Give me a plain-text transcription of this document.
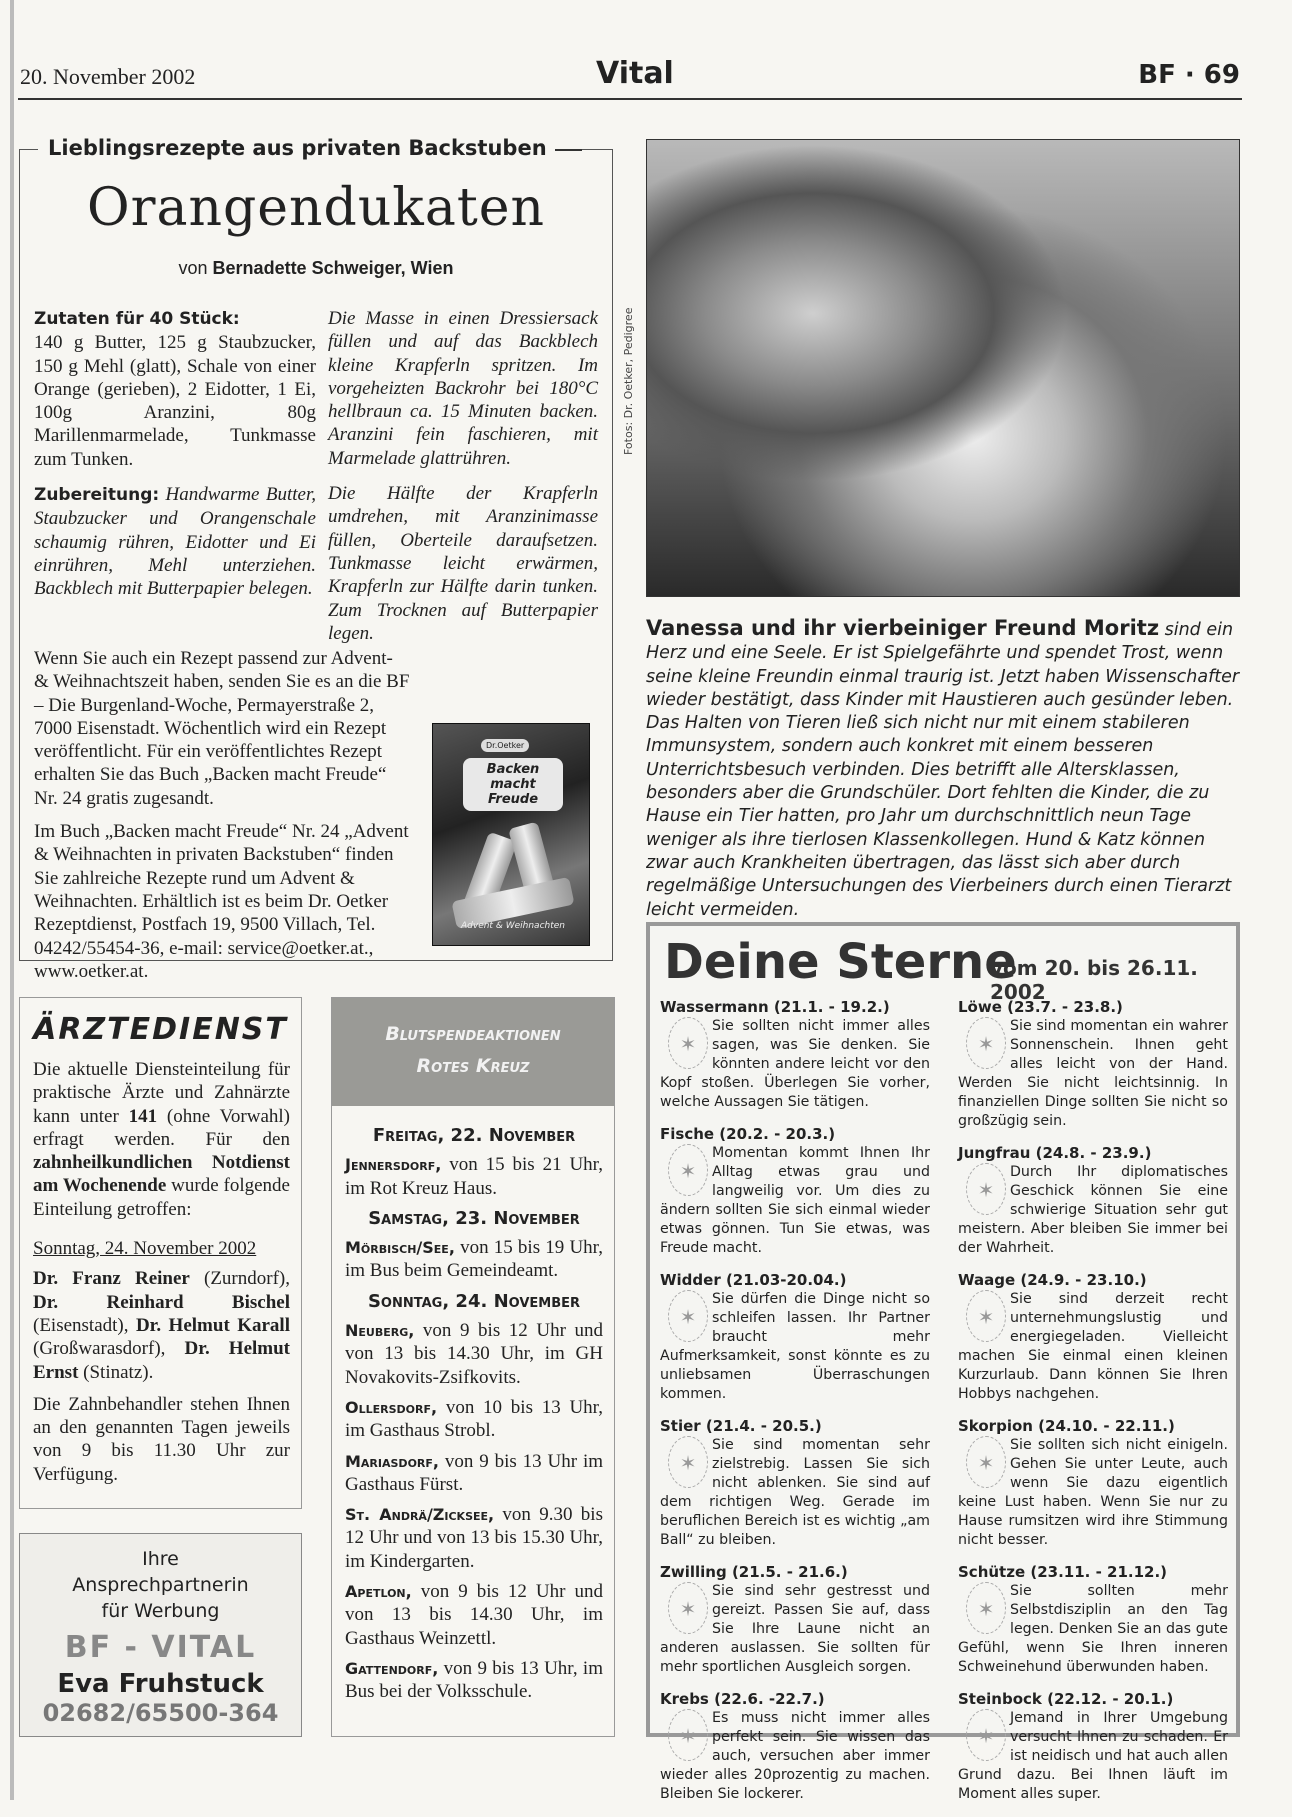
20. November 2002	Vital	BF · 69
Lieblingsrezepte aus privaten Backstuben
Orangendukaten
von Bernadette Schweiger, Wien

Zutaten für 40 Stück:
140 g Butter, 125 g Staubzucker, 150 g Mehl (glatt), Schale von einer Orange (gerieben), 2 Eidotter, 1 Ei, 100g Aranzini, 80g Marillenmarmelade, Tunkmasse zum Tunken.

Zubereitung: Handwarme Butter, Staubzucker und Orangenschale schaumig rühren, Eidotter und Ei einrühren, Mehl unterziehen. Backblech mit Butterpapier belegen.

Die Masse in einen Dressiersack füllen und auf das Backblech kleine Krapferln spritzen. Im vorgeheizten Backrohr bei 180°C hellbraun ca. 15 Minuten backen. Aranzini fein faschieren, mit Marmelade glattrühren.

Die Hälfte der Krapferln umdrehen, mit Aranzinimasse füllen, Oberteile daraufsetzen. Tunkmasse leicht erwärmen, Krapferln zur Hälfte darin tunken. Zum Trocknen auf Butterpapier legen.

Wenn Sie auch ein Rezept passend zur Advent- & Weihnachtszeit haben, senden Sie es an die BF – Die Burgenland-Woche, Permayerstraße 2, 7000 Eisenstadt. Wöchentlich wird ein Rezept veröffentlicht. Für ein veröffentlichtes Rezept erhalten Sie das Buch „Backen macht Freude“ Nr. 24 gratis zugesandt.

Im Buch „Backen macht Freude“ Nr. 24 „Advent & Weihnachten in privaten Backstuben“ finden Sie zahlreiche Rezepte rund um Advent & Weihnachten. Erhältlich ist es beim Dr. Oetker Rezeptdienst, Postfach 19, 9500 Villach, Tel. 04242/55454-36, e-mail: service@oetker.at., www.oetker.at.

Dr.Oetker
Backen macht Freude
Advent & Weihnachten
Fotos: Dr. Oetker, Pedigree
Vanessa und ihr vierbeiniger Freund Moritz sind ein Herz und eine Seele. Er ist Spielgefährte und spendet Trost, wenn seine kleine Freundin einmal traurig ist. Jetzt haben Wissenschafter wieder bestätigt, dass Kinder mit Haustieren auch gesünder leben. Das Halten von Tieren ließ sich nicht nur mit einem stabileren Immunsystem, sondern auch konkret mit einem besseren Unterrichtsbesuch verbinden. Dies betrifft alle Altersklassen, besonders aber die Grundschüler. Dort fehlten die Kinder, die zu Hause ein Tier hatten, pro Jahr um durchschnittlich neun Tage weniger als ihre tierlosen Klassenkollegen. Hund & Katz können zwar auch Krankheiten übertragen, das lässt sich aber durch regelmäßige Untersuchungen des Vierbeiners durch einen Tierarzt leicht vermeiden.
Deine Sterne
vom 20. bis 26.11. 2002
Wassermann (21.1. - 19.2.)
✶
Sie sollten nicht immer alles sagen, was Sie denken. Sie könnten andere leicht vor den Kopf stoßen. Überlegen Sie vorher, welche Aussagen Sie tätigen.
Fische (20.2. - 20.3.)
✶
Momentan kommt Ihnen Ihr Alltag etwas grau und langweilig vor. Um dies zu ändern sollten Sie sich einmal wieder etwas gönnen. Tun Sie etwas, was Freude macht.
Widder (21.03-20.04.)
✶
Sie dürfen die Dinge nicht so schleifen lassen. Ihr Partner braucht mehr Aufmerksamkeit, sonst könnte es zu unliebsamen Überraschungen kommen.
Stier (21.4. - 20.5.)
✶
Sie sind momentan sehr zielstrebig. Lassen Sie sich nicht ablenken. Sie sind auf dem richtigen Weg. Gerade im beruflichen Bereich ist es wichtig „am Ball“ zu bleiben.
Zwilling (21.5. - 21.6.)
✶
Sie sind sehr gestresst und gereizt. Passen Sie auf, dass Sie Ihre Laune nicht an anderen auslassen. Sie sollten für mehr sportlichen Ausgleich sorgen.
Krebs (22.6. -22.7.)
✶
Es muss nicht immer alles perfekt sein. Sie wissen das auch, versuchen aber immer wieder alles 20prozentig zu machen. Bleiben Sie lockerer.
Löwe (23.7. - 23.8.)
✶
Sie sind momentan ein wahrer Sonnenschein. Ihnen geht alles leicht von der Hand. Werden Sie nicht leichtsinnig. In finanziellen Dinge sollten Sie nicht so großzügig sein.
Jungfrau (24.8. - 23.9.)
✶
Durch Ihr diplomatisches Geschick können Sie eine schwierige Situation sehr gut meistern. Aber bleiben Sie immer bei der Wahrheit.
Waage (24.9. - 23.10.)
✶
Sie sind derzeit recht unternehmungslustig und energiegeladen. Vielleicht machen Sie einmal einen kleinen Kurzurlaub. Dann können Sie Ihren Hobbys nachgehen.
Skorpion (24.10. - 22.11.)
✶
Sie sollten sich nicht einigeln. Gehen Sie unter Leute, auch wenn Sie dazu eigentlich keine Lust haben. Wenn Sie nur zu Hause rumsitzen wird ihre Stimmung nicht besser.
Schütze (23.11. - 21.12.)
✶
Sie sollten mehr Selbstdisziplin an den Tag legen. Denken Sie an das gute Gefühl, wenn Sie Ihren inneren Schweinehund überwunden haben.
Steinbock (22.12. - 20.1.)
✶
Jemand in Ihrer Umgebung versucht Ihnen zu schaden. Er ist neidisch und hat auch allen Grund dazu. Bei Ihnen läuft im Moment alles super.
ÄRZTEDIENST

Die aktuelle Diensteinteilung für praktische Ärzte und Zahnärzte kann unter 141 (ohne Vorwahl) erfragt werden. Für den zahnheilkundlichen Notdienst am Wochenende wurde folgende Einteilung getroffen:

Sonntag, 24. November 2002

Dr. Franz Reiner (Zurndorf), Dr. Reinhard Bischel (Eisenstadt), Dr. Helmut Karall (Großwarasdorf), Dr. Helmut Ernst (Stinatz).

Die Zahnbehandler stehen Ihnen an den genannten Tagen jeweils von 9 bis 11.30 Uhr zur Verfügung.

Blutspendeaktionen
Rotes Kreuz
Freitag, 22. November

Jennersdorf, von 15 bis 21 Uhr, im Rot Kreuz Haus.

Samstag, 23. November

Mörbisch/See, von 15 bis 19 Uhr, im Bus beim Gemeindeamt.

Sonntag, 24. November

Neuberg, von 9 bis 12 Uhr und von 13 bis 14.30 Uhr, im GH Novakovits-Zsifkovits.

Ollersdorf, von 10 bis 13 Uhr, im Gasthaus Strobl.

Mariasdorf, von 9 bis 13 Uhr im Gasthaus Fürst.

St. Andrä/Zicksee, von 9.30 bis 12 Uhr und von 13 bis 15.30 Uhr, im Kindergarten.

Apetlon, von 9 bis 12 Uhr und von 13 bis 14.30 Uhr, im Gasthaus Weinzettl.

Gattendorf, von 9 bis 13 Uhr, im Bus bei der Volksschule.

Ihre Ansprechpartnerin für Werbung
BF - VITAL
Eva Fruhstuck
02682/65500-364
